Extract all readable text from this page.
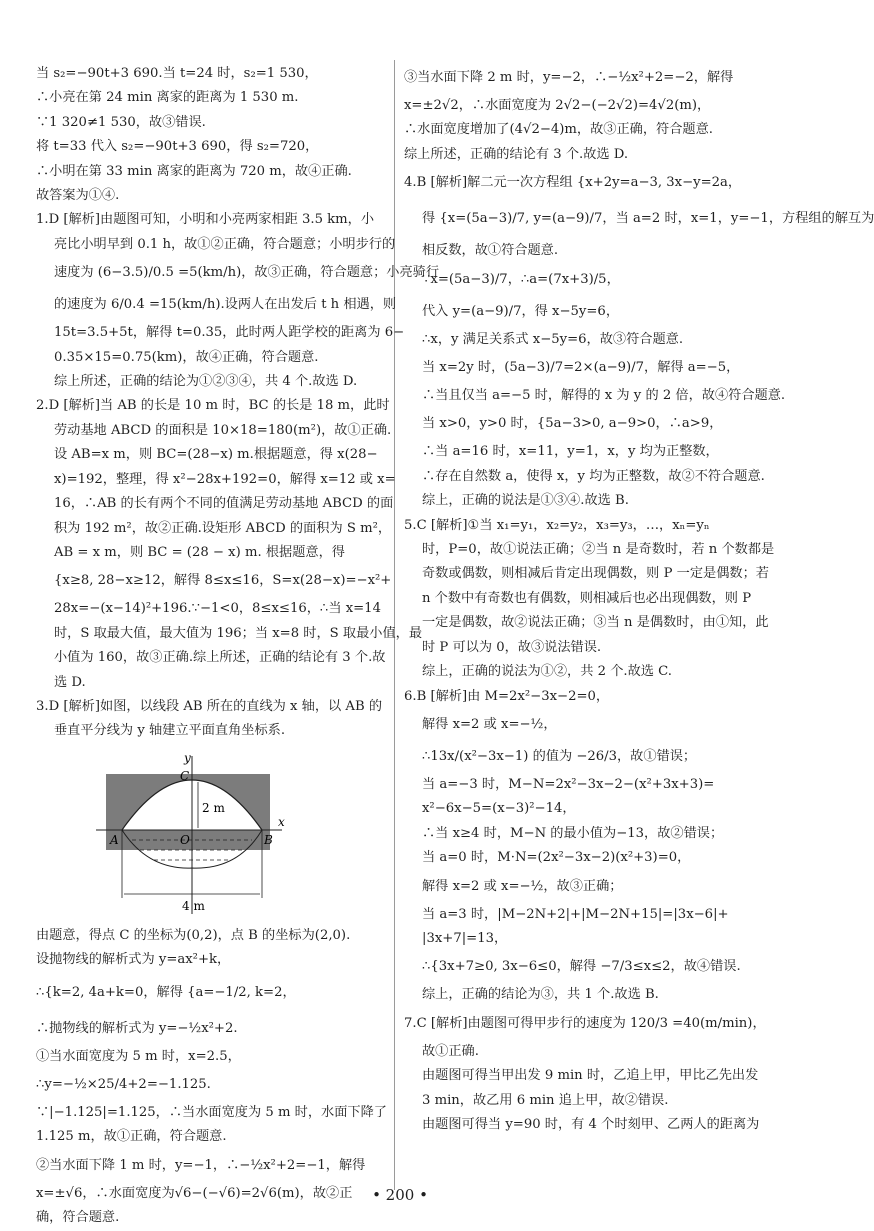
当 s₂=−90t+3 690.当 t=24 时，s₂=1 530，
∴小亮在第 24 min 离家的距离为 1 530 m.
∵1 320≠1 530，故③错误.
将 t=33 代入 s₂=−90t+3 690，得 s₂=720，
∴小明在第 33 min 离家的距离为 720 m，故④正确.
故答案为①④.
1.D [解析]由题图可知，小明和小亮两家相距 3.5 km，小
亮比小明早到 0.1 h，故①②正确，符合题意；小明步行的
速度为 (6−3.5)/0.5 =5(km/h)，故③正确，符合题意；小亮骑行
的速度为 6/0.4 =15(km/h).设两人在出发后 t h 相遇，则
15t=3.5+5t，解得 t=0.35，此时两人距学校的距离为 6−
0.35×15=0.75(km)，故④正确，符合题意.
综上所述，正确的结论为①②③④，共 4 个.故选 D.
2.D [解析]当 AB 的长是 10 m 时，BC 的长是 18 m，此时
劳动基地 ABCD 的面积是 10×18=180(m²)，故①正确.
设 AB=x m，则 BC=(28−x) m.根据题意，得 x(28−
x)=192，整理，得 x²−28x+192=0，解得 x=12 或 x=
16，∴AB 的长有两个不同的值满足劳动基地 ABCD 的面
积为 192 m²，故②正确.设矩形 ABCD 的面积为 S m²，
AB = x m，则 BC = (28 − x) m. 根据题意，得
{x≥8, 28−x≥12，解得 8≤x≤16，S=x(28−x)=−x²+
28x=−(x−14)²+196.∵−1<0，8≤x≤16，∴当 x=14
时，S 取最大值，最大值为 196；当 x=8 时，S 取最小值，最
小值为 160，故③正确.综上所述，正确的结论有 3 个.故
选 D.
3.D [解析]如图，以线段 AB 所在的直线为 x 轴，以 AB 的
垂直平分线为 y 轴建立平面直角坐标系.
y
x
O
A	B
C
2 m
4 m
由题意，得点 C 的坐标为(0,2)，点 B 的坐标为(2,0).
设抛物线的解析式为 y=ax²+k，
∴{k=2, 4a+k=0，解得 {a=−1/2, k=2，
∴抛物线的解析式为 y=−½x²+2.
①当水面宽度为 5 m 时，x=2.5，
∴y=−½×25/4+2=−1.125.
∵|−1.125|=1.125，∴当水面宽度为 5 m 时，水面下降了
1.125 m，故①正确，符合题意.
②当水面下降 1 m 时，y=−1，∴−½x²+2=−1，解得
x=±√6，∴水面宽度为√6−(−√6)=2√6(m)，故②正
确，符合题意.
③当水面下降 2 m 时，y=−2，∴−½x²+2=−2，解得
x=±2√2，∴水面宽度为 2√2−(−2√2)=4√2(m)，
∴水面宽度增加了(4√2−4)m，故③正确，符合题意.
综上所述，正确的结论有 3 个.故选 D.
4.B [解析]解二元一次方程组 {x+2y=a−3, 3x−y=2a，
得 {x=(5a−3)/7, y=(a−9)/7，当 a=2 时，x=1，y=−1，方程组的解互为
相反数，故①符合题意.
∵x=(5a−3)/7，∴a=(7x+3)/5，
代入 y=(a−9)/7，得 x−5y=6，
∴x，y 满足关系式 x−5y=6，故③符合题意.
当 x=2y 时，(5a−3)/7=2×(a−9)/7，解得 a=−5，
∴当且仅当 a=−5 时，解得的 x 为 y 的 2 倍，故④符合题意.
当 x>0，y>0 时，{5a−3>0, a−9>0，∴a>9，
∴当 a=16 时，x=11，y=1，x，y 均为正整数，
∴存在自然数 a，使得 x，y 均为正整数，故②不符合题意.
综上，正确的说法是①③④.故选 B.
5.C [解析]①当 x₁=y₁，x₂=y₂，x₃=y₃，…，xₙ=yₙ
时，P=0，故①说法正确；②当 n 是奇数时，若 n 个数都是
奇数或偶数，则相减后肯定出现偶数，则 P 一定是偶数；若
n 个数中有奇数也有偶数，则相减后也必出现偶数，则 P
一定是偶数，故②说法正确；③当 n 是偶数时，由①知，此
时 P 可以为 0，故③说法错误.
综上，正确的说法为①②，共 2 个.故选 C.
6.B [解析]由 M=2x²−3x−2=0，
解得 x=2 或 x=−½，
∴13x/(x²−3x−1) 的值为 −26/3，故①错误；
当 a=−3 时，M−N=2x²−3x−2−(x²+3x+3)=
x²−6x−5=(x−3)²−14，
∴当 x≥4 时，M−N 的最小值为−13，故②错误；
当 a=0 时，M·N=(2x²−3x−2)(x²+3)=0，
解得 x=2 或 x=−½，故③正确；
当 a=3 时，|M−2N+2|+|M−2N+15|=|3x−6|+
|3x+7|=13，
∴{3x+7≥0, 3x−6≤0，解得 −7/3≤x≤2，故④错误.
综上，正确的结论为③，共 1 个.故选 B.
7.C [解析]由题图可得甲步行的速度为 120/3 =40(m/min)，
故①正确.
由题图可得当甲出发 9 min 时，乙追上甲，甲比乙先出发
3 min，故乙用 6 min 追上甲，故②错误.
由题图可得当 y=90 时，有 4 个时刻甲、乙两人的距离为
• 200 •
